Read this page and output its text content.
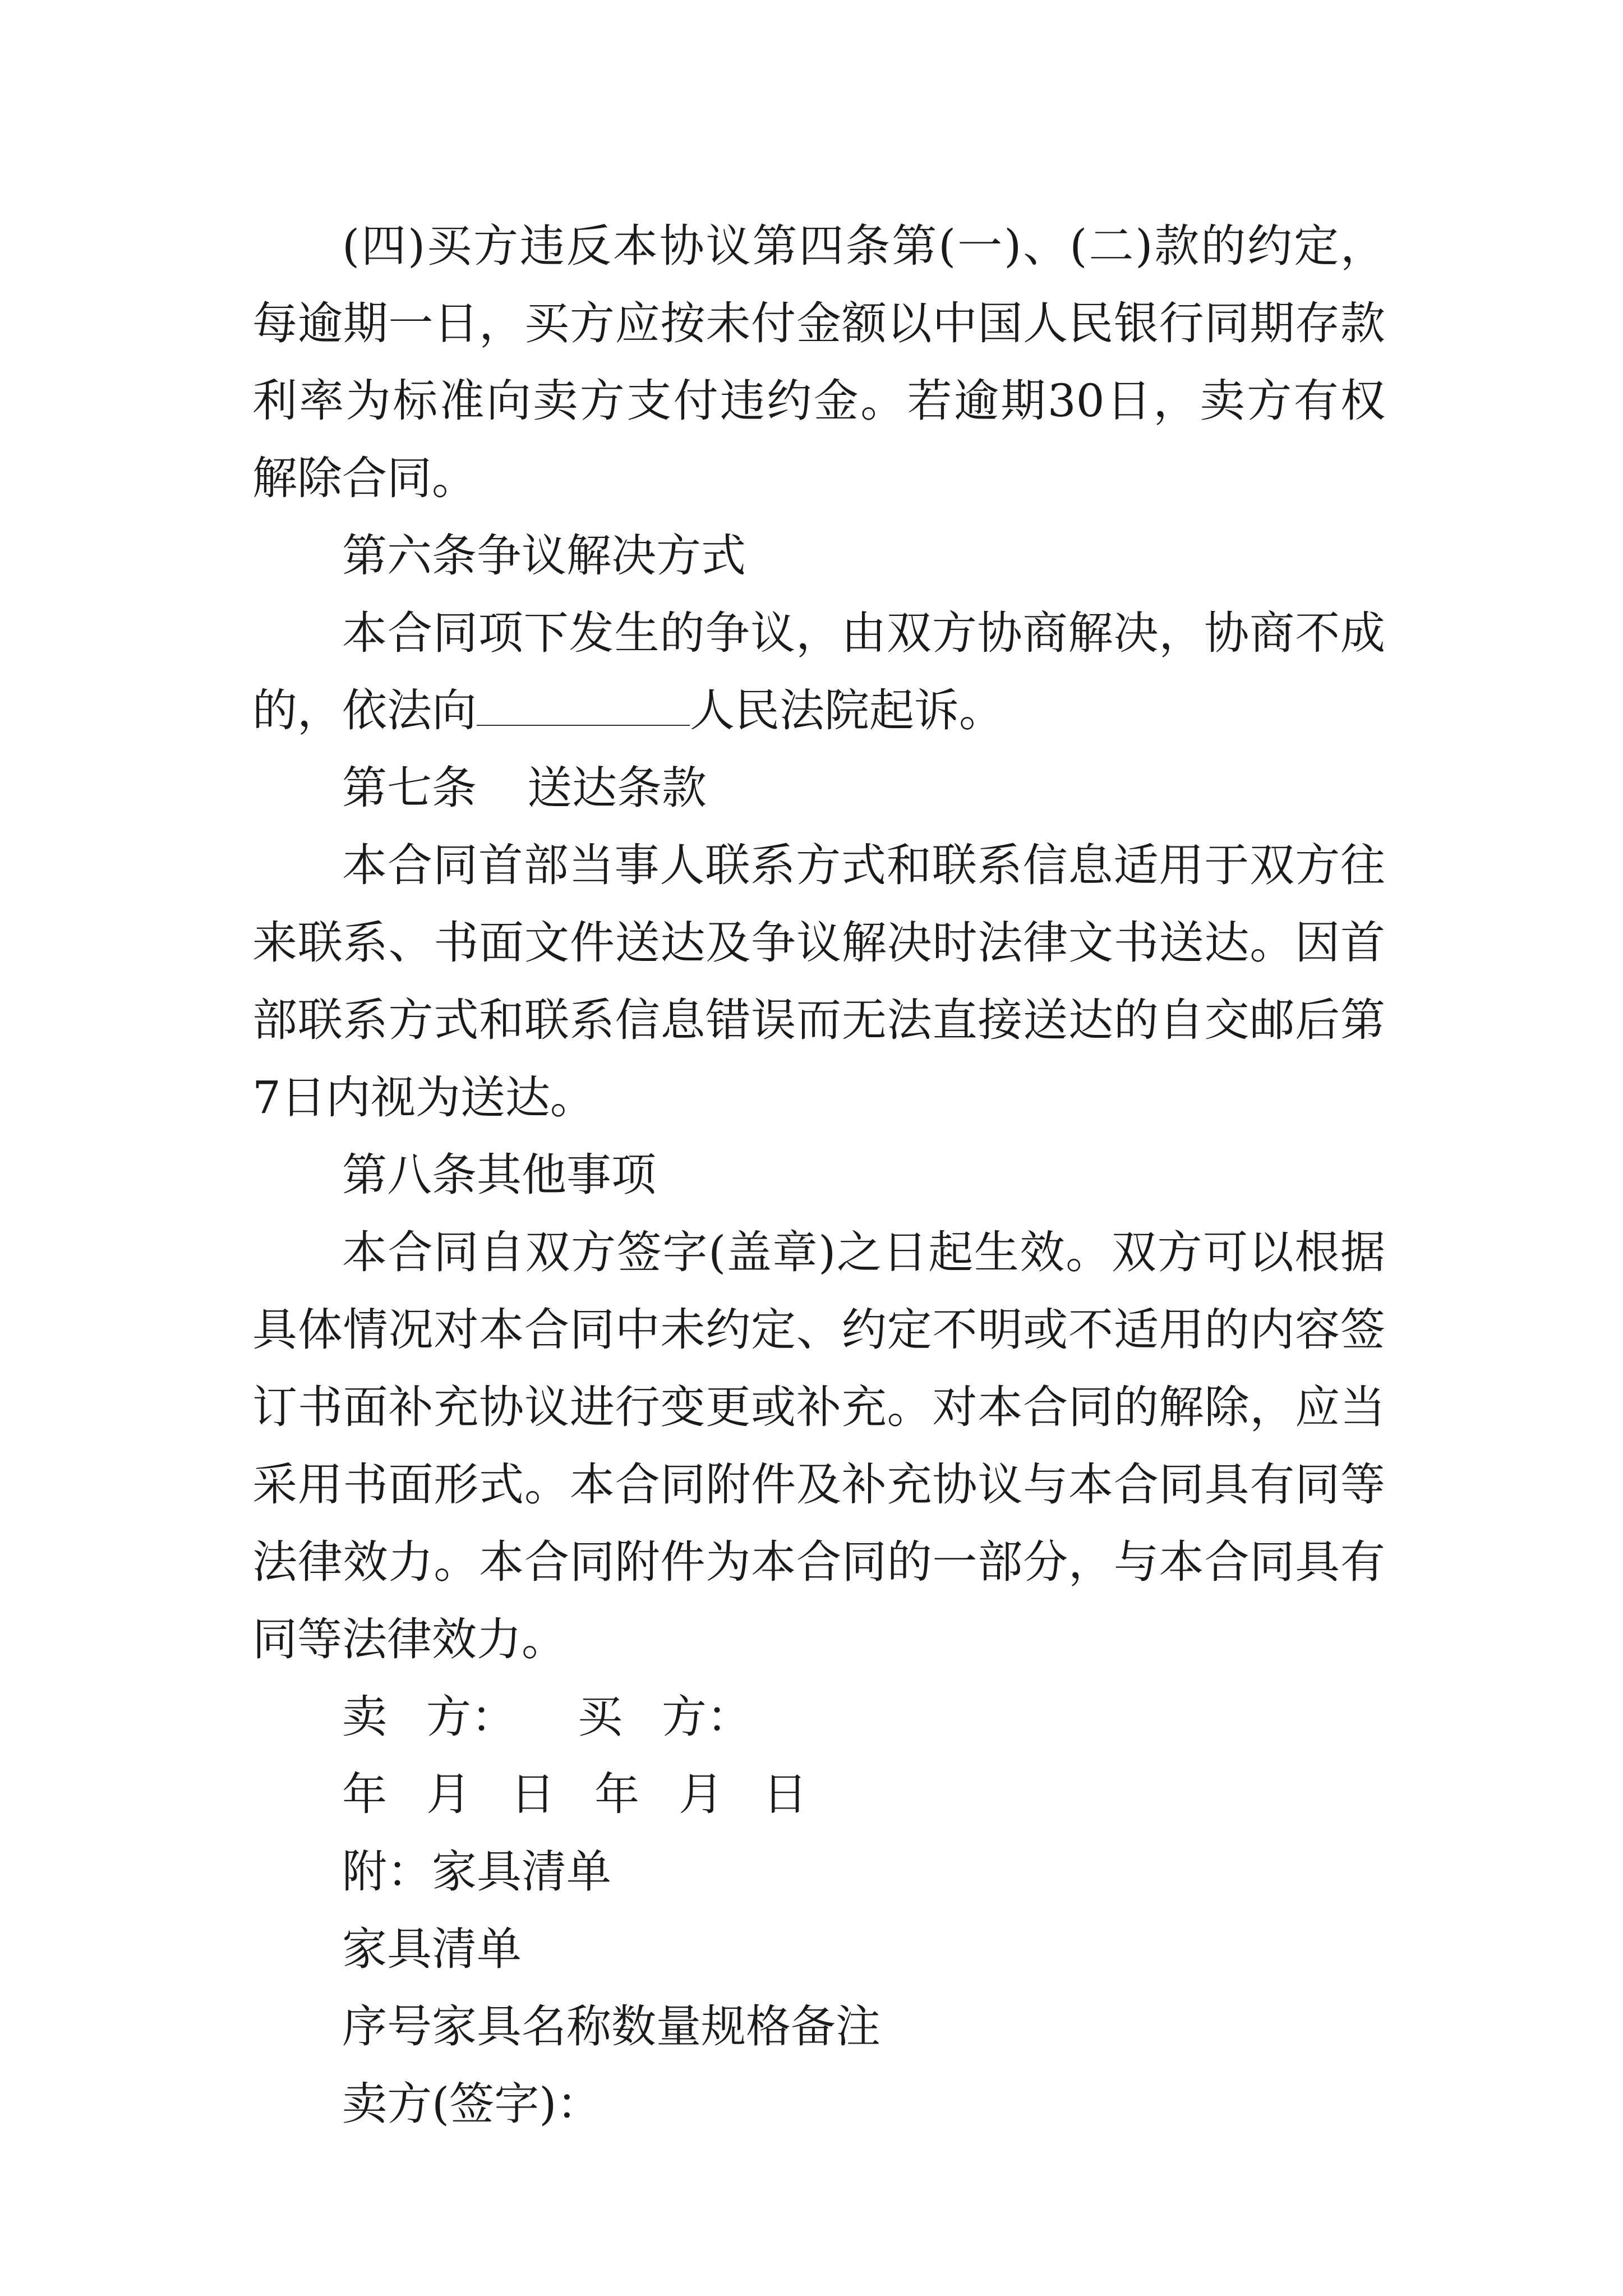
(四)买方违反本协议第四条第(一)、(二)款的约定，每逾期一日，买方应按未付金额以中国人民银行同期存款利率为标准向卖方支付违约金。若逾期30日，卖方有权解除合同。

第六条争议解决方式

本合同项下发生的争议，由双方协商解决，协商不成的，依法向	人民法院起诉。

第七条 送达条款

本合同首部当事人联系方式和联系信息适用于双方往来联系、书面文件送达及争议解决时法律文书送达。因首部联系方式和联系信息错误而无法直接送达的自交邮后第7日内视为送达。

第八条其他事项

本合同自双方签字(盖章)之日起生效。双方可以根据具体情况对本合同中未约定、约定不明或不适用的内容签订书面补充协议进行变更或补充。对本合同的解除，应当采用书面形式。本合同附件及补充协议与本合同具有同等法律效力。本合同附件为本合同的一部分，与本合同具有同等法律效力。

卖 方： 买 方：

年 月 日 年 月 日

附：家具清单

家具清单

序号家具名称数量规格备注

卖方(签字)：
